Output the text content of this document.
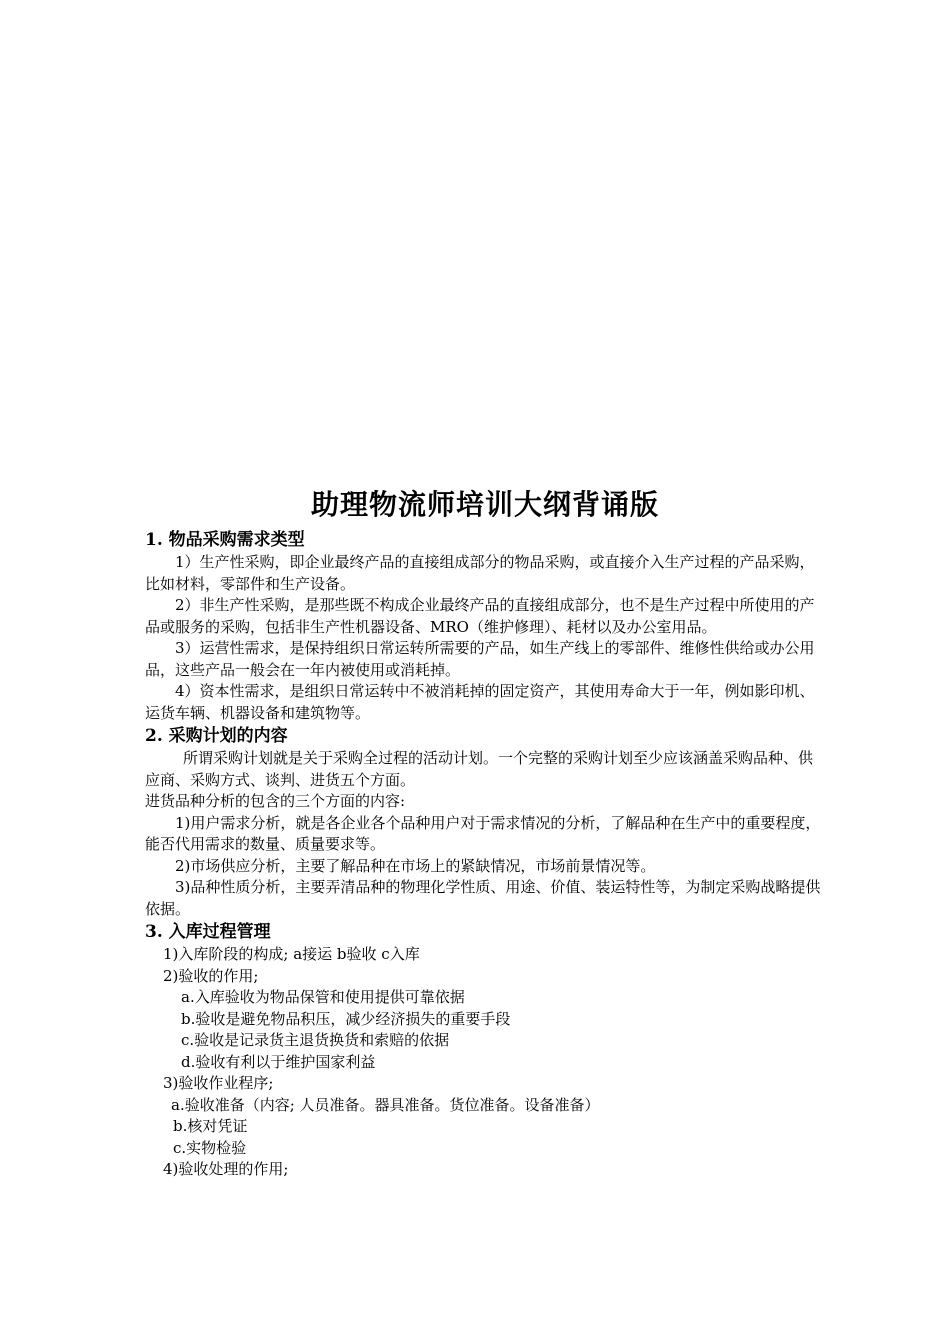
助理物流师培训大纲背诵版
1. 物品采购需求类型

1）生产性采购，即企业最终产品的直接组成部分的物品采购，或直接介入生产过程的产品采购，比如材料，零部件和生产设备。

2）非生产性采购，是那些既不构成企业最终产品的直接组成部分，也不是生产过程中所使用的产品或服务的采购，包括非生产性机器设备、MRO（维护修理）、耗材以及办公室用品。

3）运营性需求，是保持组织日常运转所需要的产品，如生产线上的零部件、维修性供给或办公用品，这些产品一般会在一年内被使用或消耗掉。

4）资本性需求，是组织日常运转中不被消耗掉的固定资产，其使用寿命大于一年，例如影印机、运货车辆、机器设备和建筑物等。

2. 采购计划的内容

所谓采购计划就是关于采购全过程的活动计划。一个完整的采购计划至少应该涵盖采购品种、供应商、采购方式、谈判、进货五个方面。

进货品种分析的包含的三个方面的内容:

1)用户需求分析，就是各企业各个品种用户对于需求情况的分析，了解品种在生产中的重要程度，能否代用需求的数量、质量要求等。

2)市场供应分析，主要了解品种在市场上的紧缺情况，市场前景情况等。

3)品种性质分析，主要弄清品种的物理化学性质、用途、价值、装运特性等，为制定采购战略提供依据。

3. 入库过程管理

1)入库阶段的构成; a接运 b验收 c入库

2)验收的作用;

a.入库验收为物品保管和使用提供可靠依据

b.验收是避免物品积压，减少经济损失的重要手段

c.验收是记录货主退货换货和索赔的依据

d.验收有利以于维护国家利益

3)验收作业程序;

a.验收准备（内容; 人员准备。器具准备。货位准备。设备准备）

b.核对凭证

c.实物检验

4)验收处理的作用;
